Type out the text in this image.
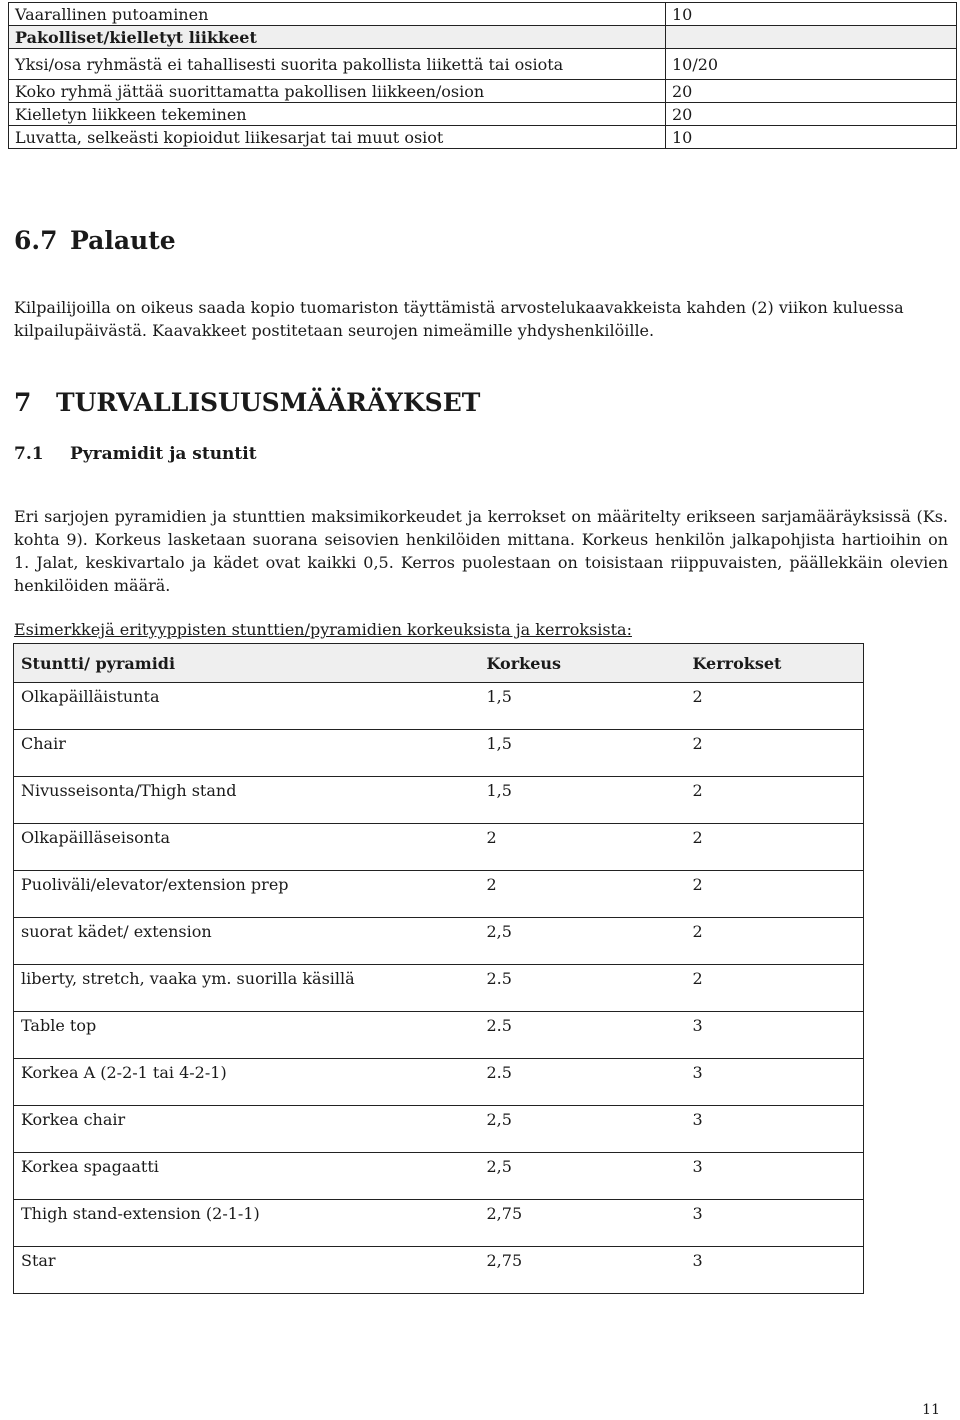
Vaarallinen putoaminen	10
Pakolliset/kielletyt liikkeet	
Yksi/osa ryhmästä ei tahallisesti suorita pakollista liikettä tai osiota	10/20
Koko ryhmä jättää suorittamatta pakollisen liikkeen/osion	20
Kielletyn liikkeen tekeminen	20
Luvatta, selkeästi kopioidut liikesarjat tai muut osiot	10
6.7 Palaute
Kilpailijoilla on oikeus saada kopio tuomariston täyttämistä arvostelukaavakkeista kahden (2) viikon kuluessa kilpailupäivästä. Kaavakkeet postitetaan seurojen nimeämille yhdyshenkilöille.
7 TURVALLISUUSMÄÄRÄYKSET
7.1 Pyramidit ja stuntit
Eri sarjojen pyramidien ja stunttien maksimikorkeudet ja kerrokset on määritelty erikseen sarjamääräyksissä (Ks. kohta 9). Korkeus lasketaan suorana seisovien henkilöiden mittana. Korkeus henkilön jalkapohjista hartioihin on 1. Jalat, keskivartalo ja kädet ovat kaikki 0,5. Kerros puolestaan on toisistaan riippuvaisten, päällekkäin olevien henkilöiden määrä.
Esimerkkejä erityyppisten stunttien/pyramidien korkeuksista ja kerroksista:
Stuntti/ pyramidi	Korkeus	Kerrokset
Olkapäilläistunta	1,5	2
Chair	1,5	2
Nivusseisonta/Thigh stand	1,5	2
Olkapäilläseisonta	2	2
Puoliväli/elevator/extension prep	2	2
suorat kädet/ extension	2,5	2
liberty, stretch, vaaka ym. suorilla käsillä	2.5	2
Table top	2.5	3
Korkea A (2-2-1 tai 4-2-1)	2.5	3
Korkea chair	2,5	3
Korkea spagaatti	2,5	3
Thigh stand-extension (2-1-1)	2,75	3
Star	2,75	3
11
